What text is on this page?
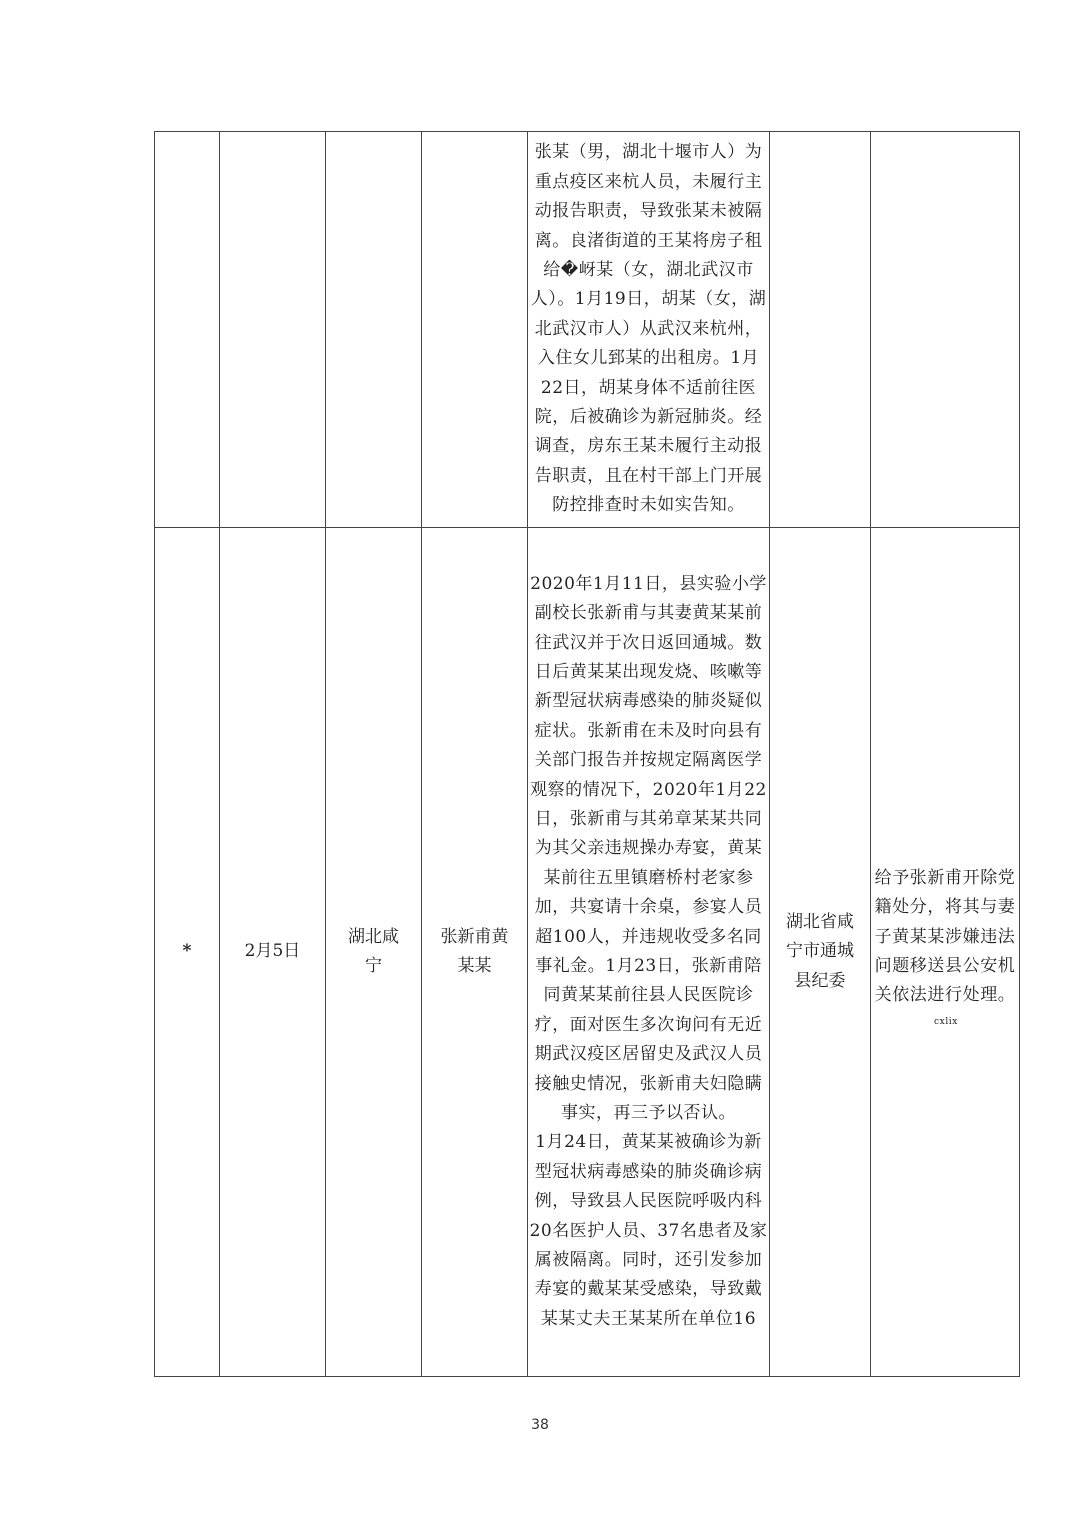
				张某（男，湖北十堰市人）为重点疫区来杭人员，未履行主动报告职责，导致张某未被隔离。良渚街道的王某将房子租给�岈某（女，湖北武汉市人）。1月19日，胡某（女，湖北武汉市人）从武汉来杭州，入住女儿郅某的出租房。1月22日，胡某身体不适前往医院，后被确诊为新冠肺炎。经调查，房东王某未履行主动报告职责，且在村干部上门开展防控排查时未如实告知。		

*	2月5日	湖北咸宁	张新甫黄某某	2020年1月11日，县实验小学副校长张新甫与其妻黄某某前往武汉并于次日返回通城。数日后黄某某出现发烧、咳嗽等新型冠状病毒感染的肺炎疑似症状。张新甫在未及时向县有关部门报告并按规定隔离医学观察的情况下，2020年1月22日，张新甫与其弟章某某共同为其父亲违规操办寿宴，黄某某前往五里镇磨桥村老家参加，共宴请十余桌，参宴人员超100人，并违规收受多名同事礼金。1月23日，张新甫陪同黄某某前往县人民医院诊疗，面对医生多次询问有无近期武汉疫区居留史及武汉人员接触史情况，张新甫夫妇隐瞒事实，再三予以否认。
1月24日，黄某某被确诊为新型冠状病毒感染的肺炎确诊病例，导致县人民医院呼吸内科20名医护人员、37名患者及家属被隔离。同时，还引发参加寿宴的戴某某受感染，导致戴某某丈夫王某某所在单位16	湖北省咸宁市通城县纪委	给予张新甫开除党籍处分，将其与妻子黄某某涉嫌违法问题移送县公安机关依法进行处理。$^{cxlix}$
38
